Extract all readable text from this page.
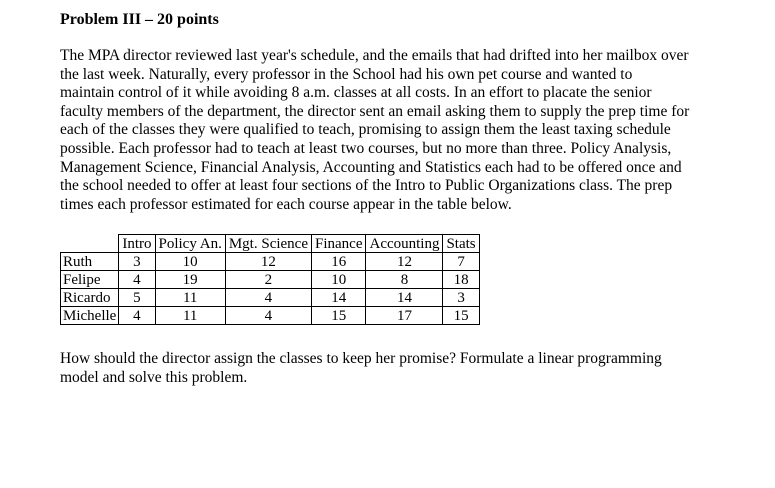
Problem III – 20 points

The MPA director reviewed last year's schedule, and the emails that had drifted into her mailbox over the last week. Naturally, every professor in the School had his own pet course and wanted to maintain control of it while avoiding 8 a.m. classes at all costs. In an effort to placate the senior faculty members of the department, the director sent an email asking them to supply the prep time for each of the classes they were qualified to teach, promising to assign them the least taxing schedule possible. Each professor had to teach at least two courses, but no more than three. Policy Analysis, Management Science, Financial Analysis, Accounting and Statistics each had to be offered once and the school needed to offer at least four sections of the Intro to Public Organizations class. The prep times each professor estimated for each course appear in the table below.

	Intro	Policy An.	Mgt. Science	Finance	Accounting	Stats
Ruth	3	10	12	16	12	7
Felipe	4	19	2	10	8	18
Ricardo	5	11	4	14	14	3
Michelle	4	11	4	15	17	15

How should the director assign the classes to keep her promise? Formulate a linear programming model and solve this problem.
